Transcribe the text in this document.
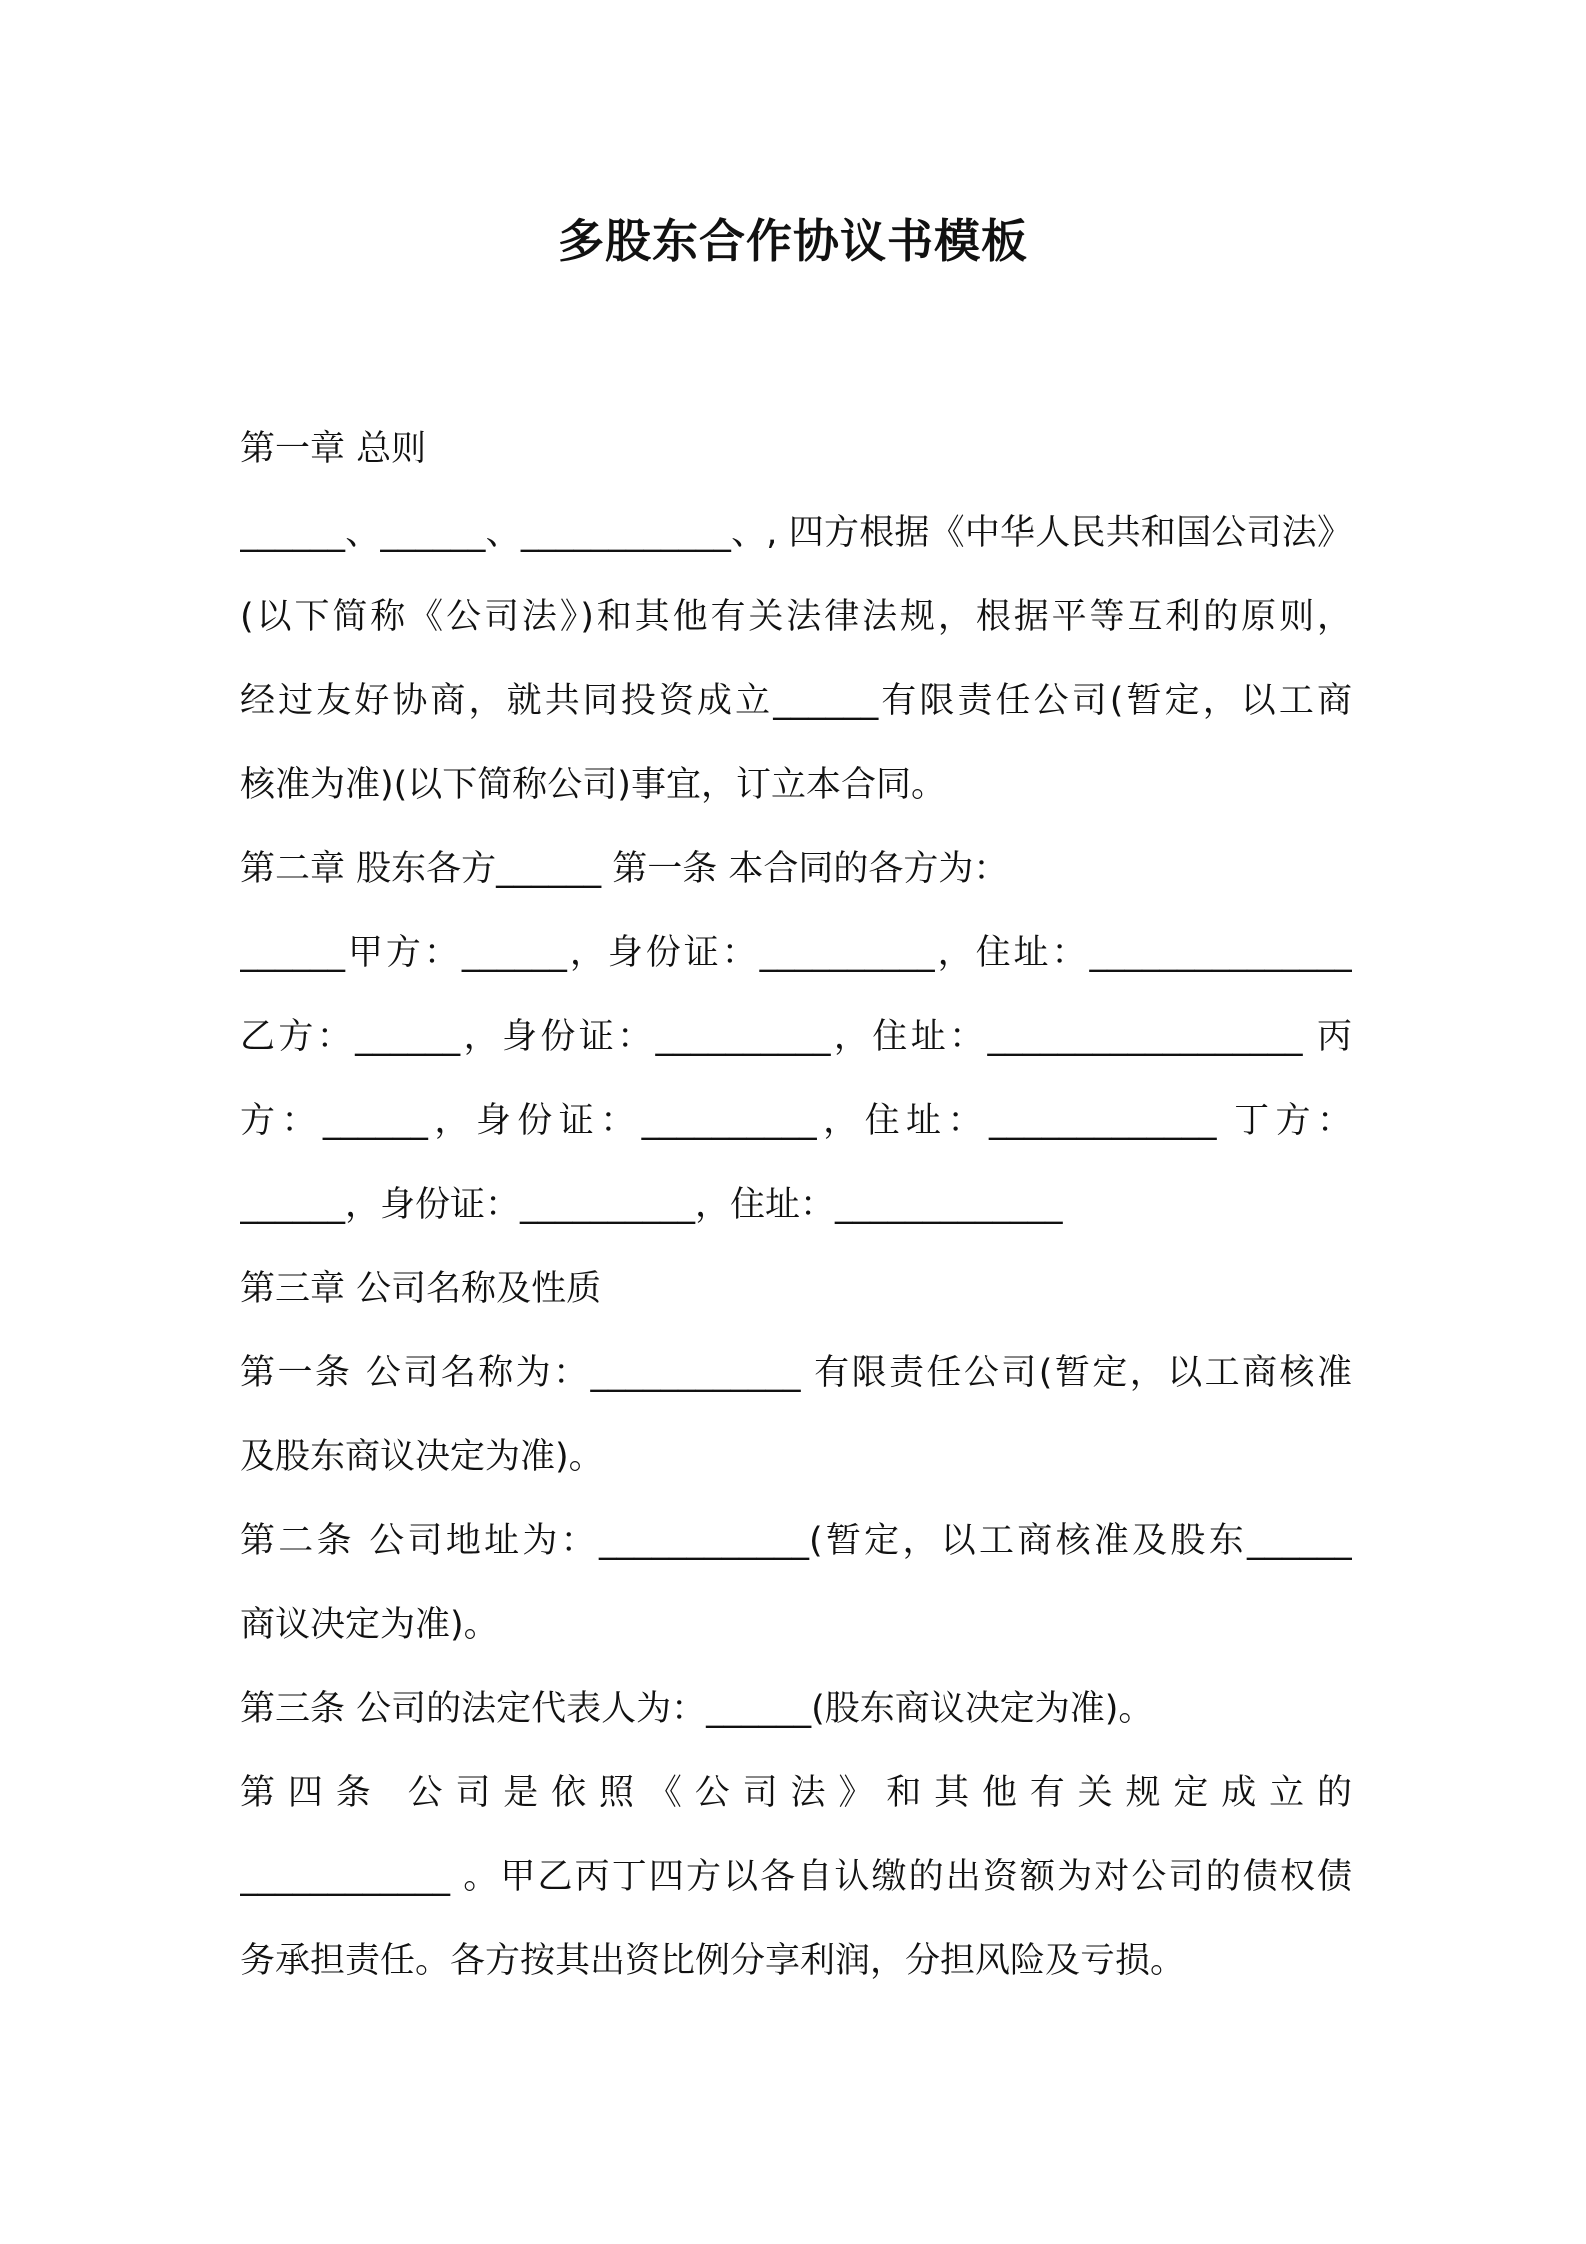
多股东合作协议书模板

第一章 总则

______、______、____________、, 四方根据《中华人民共和国公司法》

(以下简称《公司法》)和其他有关法律法规，根据平等互利的原则，

经过友好协商，就共同投资成立______有限责任公司(暂定，以工商

核准为准)(以下简称公司)事宜，订立本合同。

第二章 股东各方______ 第一条 本合同的各方为：

______甲方：______，身份证：__________，住址：_______________

乙方：______，身份证：__________，住址：__________________ 丙

方：______，身份证：__________，住址：_____________ 丁方：

______，身份证：__________，住址：_____________

第三章 公司名称及性质

第一条 公司名称为：____________ 有限责任公司(暂定，以工商核准

及股东商议决定为准)。

第二条 公司地址为：____________(暂定，以工商核准及股东______

商议决定为准)。

第三条 公司的法定代表人为：______(股东商议决定为准)。

第四条 公司是依照《公司法》和其他有关规定成立的

____________ 。甲乙丙丁四方以各自认缴的出资额为对公司的债权债

务承担责任。各方按其出资比例分享利润，分担风险及亏损。
